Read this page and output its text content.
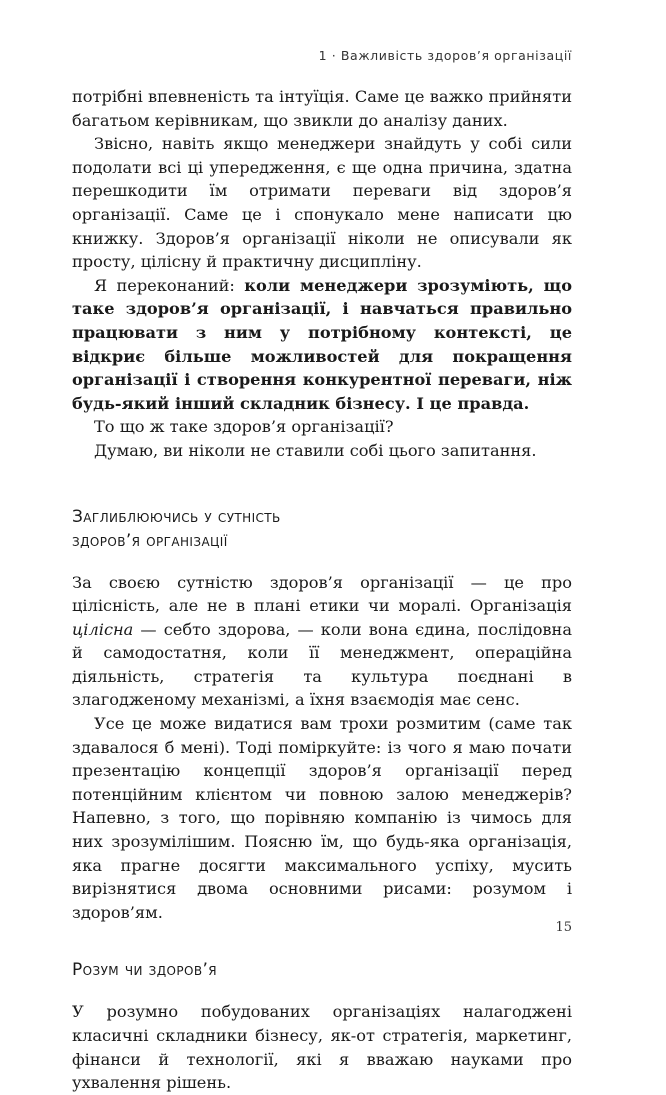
1 · Важливість здоров’я організації

потрібні впевненість та інтуїція. Саме це важко прийняти багатьом керівникам, що звикли до аналізу даних.

Звісно, навіть якщо менеджери знайдуть у собі сили подолати всі ці упередження, є ще одна причина, здатна перешкодити їм отримати переваги від здоров’я організації. Саме це і спонукало мене написати цю книжку. Здоров’я організації ніколи не описували як просту, цілісну й практичну дисципліну.

Я переконаний: коли менеджери зрозуміють, що таке здоров’я організації, і навчаться правильно працювати з ним у потрібному контексті, це відкриє більше можливостей для покращення організації і створення конкурентної переваги, ніж будь-який інший складник бізнесу. І це правда.

То що ж таке здоров’я організації?

Думаю, ви ніколи не ставили собі цього запитання.

Заглиблюючись у сутність
здоров’я організації

За своєю сутністю здоров’я організації — це про цілісність, але не в плані етики чи моралі. Організація цілісна — себто здорова, — коли вона єдина, послідовна й самодостатня, коли її менеджмент, операційна діяльність, стратегія та культура поєднані в злагодженому механізмі, а їхня взаємодія має сенс.

Усе це може видатися вам трохи розмитим (саме так здавалося б мені). Тоді поміркуйте: із чого я маю почати презентацію концепції здоров’я організації перед потенційним клієнтом чи повною залою менеджерів? Напевно, з того, що порівняю компанію із чимось для них зрозумілішим. Поясню їм, що будь-яка організація, яка прагне досягти максимального успіху, мусить вирізнятися двома основними рисами: розумом і здоров’ям.

Розум чи здоров’я

У розумно побудованих організаціях налагоджені класичні складники бізнесу, як-от стратегія, маркетинг, фінанси й технології, які я вважаю науками про ухвалення рішень.

15
